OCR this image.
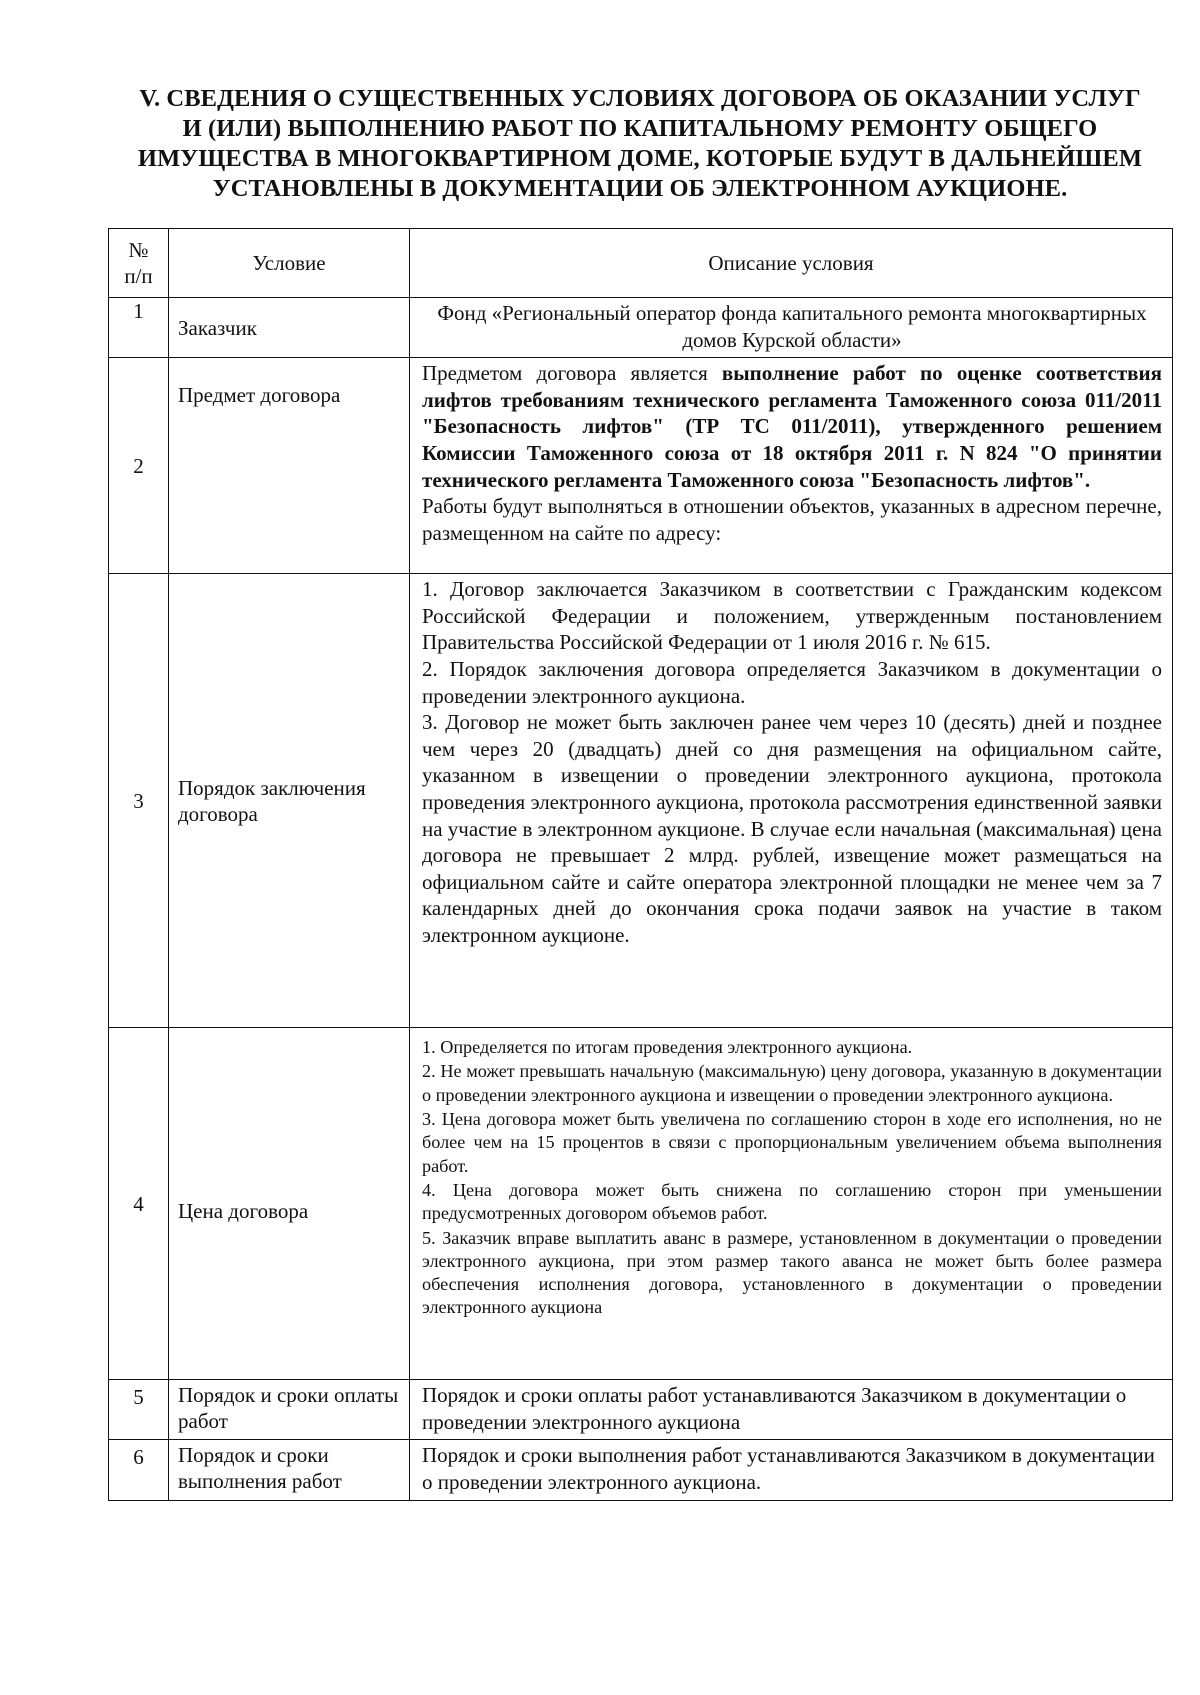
V. СВЕДЕНИЯ О СУЩЕСТВЕННЫХ УСЛОВИЯХ ДОГОВОРА ОБ ОКАЗАНИИ УСЛУГ
И (ИЛИ) ВЫПОЛНЕНИЮ РАБОТ ПО КАПИТАЛЬНОМУ РЕМОНТУ ОБЩЕГО
ИМУЩЕСТВА В МНОГОКВАРТИРНОМ ДОМЕ, КОТОРЫЕ БУДУТ В ДАЛЬНЕЙШЕМ
УСТАНОВЛЕНЫ В ДОКУМЕНТАЦИИ ОБ ЭЛЕКТРОННОМ АУКЦИОНЕ.
№
п/п	Условие	Описание условия
1	Заказчик	Фонд «Региональный оператор фонда капитального ремонта многоквартирных домов Курской области»
2	Предмет договора	Предметом договора является выполнение работ по оценке соответствия лифтов требованиям технического регламента Таможенного союза 011/2011 "Безопасность лифтов" (ТР ТС 011/2011), утвержденного решением Комиссии Таможенного союза от 18 октября 2011 г. N 824 "О принятии технического регламента Таможенного союза "Безопасность лифтов".

Работы будут выполняться в отношении объектов, указанных в адресном перечне, размещенном на сайте по адресу:

3	Порядок заключения договора	1. Договор заключается Заказчиком в соответствии с Гражданским кодексом Российской Федерации и положением, утвержденным постановлением Правительства Российской Федерации от 1 июля 2016 г. № 615.

2. Порядок заключения договора определяется Заказчиком в документации о проведении электронного аукциона.

3. Договор не может быть заключен ранее чем через 10 (десять) дней и позднее чем через 20 (двадцать) дней со дня размещения на официальном сайте, указанном в извещении о проведении электронного аукциона, протокола проведения электронного аукциона, протокола рассмотрения единственной заявки на участие в электронном аукционе. В случае если начальная (максимальная) цена договора не превышает 2 млрд. рублей, извещение может размещаться на официальном сайте и сайте оператора электронной площадки не менее чем за 7 календарных дней до окончания срока подачи заявок на участие в таком электронном аукционе.

4	Цена договора	1. Определяется по итогам проведения электронного аукциона.

2. Не может превышать начальную (максимальную) цену договора, указанную в документации о проведении электронного аукциона и извещении о проведении электронного аукциона.

3. Цена договора может быть увеличена по соглашению сторон в ходе его исполнения, но не более чем на 15 процентов в связи с пропорциональным увеличением объема выполнения работ.

4. Цена договора может быть снижена по соглашению сторон при уменьшении предусмотренных договором объемов работ.

5. Заказчик вправе выплатить аванс в размере, установленном в документации о проведении электронного аукциона, при этом размер такого аванса не может быть более размера обеспечения исполнения договора, установленного в документации о проведении электронного аукциона

5	Порядок и сроки оплаты работ	Порядок и сроки оплаты работ устанавливаются Заказчиком в документации о проведении электронного аукциона
6	Порядок и сроки выполнения работ	Порядок и сроки выполнения работ устанавливаются Заказчиком в документации о проведении электронного аукциона.
